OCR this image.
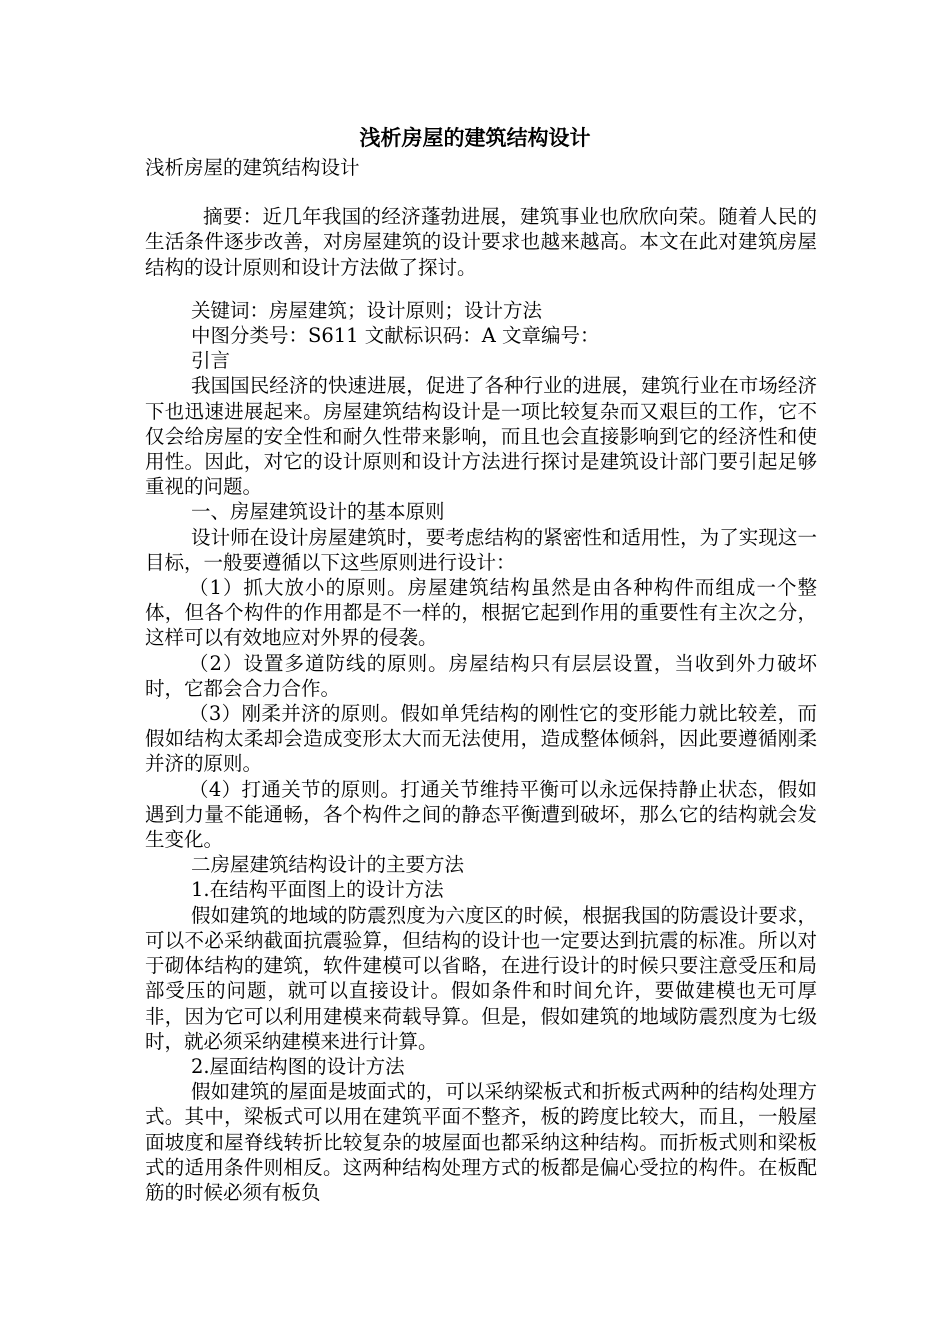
浅析房屋的建筑结构设计

浅析房屋的建筑结构设计

摘要：近几年我国的经济蓬勃进展，建筑事业也欣欣向荣。随着人民的生活条件逐步改善，对房屋建筑的设计要求也越来越高。本文在此对建筑房屋结构的设计原则和设计方法做了探讨。

关键词：房屋建筑；设计原则；设计方法

中图分类号：S611 文献标识码：A 文章编号：

引言

我国国民经济的快速进展，促进了各种行业的进展，建筑行业在市场经济下也迅速进展起来。房屋建筑结构设计是一项比较复杂而又艰巨的工作，它不仅会给房屋的安全性和耐久性带来影响，而且也会直接影响到它的经济性和使用性。因此，对它的设计原则和设计方法进行探讨是建筑设计部门要引起足够重视的问题。

一、房屋建筑设计的基本原则

设计师在设计房屋建筑时，要考虑结构的紧密性和适用性，为了实现这一目标，一般要遵循以下这些原则进行设计：

（1）抓大放小的原则。房屋建筑结构虽然是由各种构件而组成一个整体，但各个构件的作用都是不一样的，根据它起到作用的重要性有主次之分，这样可以有效地应对外界的侵袭。

（2）设置多道防线的原则。房屋结构只有层层设置，当收到外力破坏时，它都会合力合作。

（3）刚柔并济的原则。假如单凭结构的刚性它的变形能力就比较差，而假如结构太柔却会造成变形太大而无法使用，造成整体倾斜，因此要遵循刚柔并济的原则。

（4）打通关节的原则。打通关节维持平衡可以永远保持静止状态，假如遇到力量不能通畅，各个构件之间的静态平衡遭到破坏，那么它的结构就会发生变化。

二房屋建筑结构设计的主要方法

1.在结构平面图上的设计方法

假如建筑的地域的防震烈度为六度区的时候，根据我国的防震设计要求，可以不必采纳截面抗震验算，但结构的设计也一定要达到抗震的标准。所以对于砌体结构的建筑，软件建模可以省略，在进行设计的时候只要注意受压和局部受压的问题，就可以直接设计。假如条件和时间允许，要做建模也无可厚非，因为它可以利用建模来荷载导算。但是，假如建筑的地域防震烈度为七级时，就必须采纳建模来进行计算。

2.屋面结构图的设计方法

假如建筑的屋面是坡面式的，可以采纳梁板式和折板式两种的结构处理方式。其中，梁板式可以用在建筑平面不整齐，板的跨度比较大，而且，一般屋面坡度和屋脊线转折比较复杂的坡屋面也都采纳这种结构。而折板式则和梁板式的适用条件则相反。这两种结构处理方式的板都是偏心受拉的构件。在板配筋的时候必须有板负
